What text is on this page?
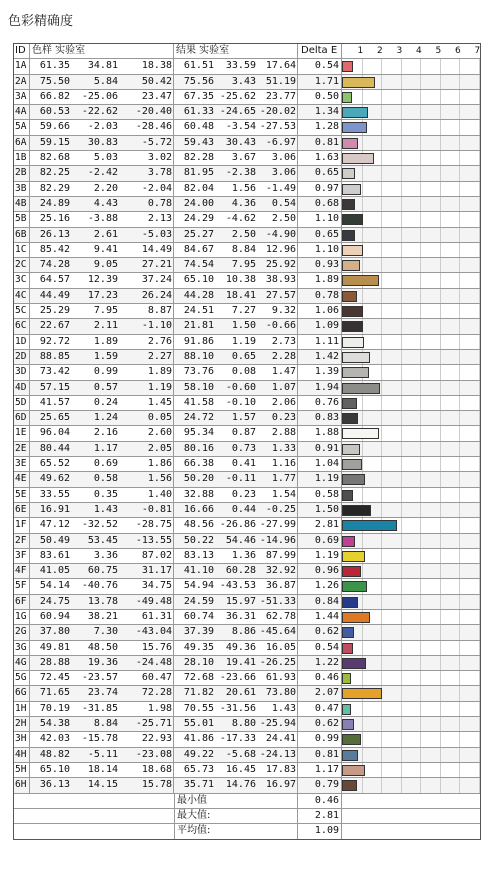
色彩精确度
ID 色样 实验室	结果 实验室	Delta E	1 2 3 4 5 6 7
1A	61.35	34.81	18.38	61.51	33.59 17.64	0.54
2A	75.50	5.84	50.42	75.56	3.43 51.19	1.71
3A	66.82	-25.06	23.47	67.35 -25.62 23.77	0.50
4A	60.53	-22.62	-20.40	61.33 -24.65 -20.02	1.34
5A	59.66	-2.03	-28.46	60.48	-3.54 -27.53	1.28
6A	59.15	30.83	-5.72	59.43	30.43 -6.97	0.81
1B	82.68	5.03	3.02	82.28	3.67	3.06	1.63
2B	82.25	-2.42	3.78	81.95	-2.38	3.06	0.65
3B	82.29	2.20	-2.04	82.04	1.56 -1.49	0.97
4B	24.89	4.43	0.78	24.00	4.36	0.54	0.68
5B	25.16	-3.88	2.13	24.29	-4.62	2.50	1.10
6B	26.13	2.61	-5.03	25.27	2.50 -4.90	0.65
1C	85.42	9.41	14.49	84.67	8.84 12.96	1.10
2C	74.28	9.05	27.21	74.54	7.95 25.92	0.93
3C	64.57	12.39	37.24	65.10	10.38 38.93	1.89
4C	44.49	17.23	26.24	44.28	18.41 27.57	0.78
5C	25.29	7.95	8.87	24.51	7.27	9.32	1.06
6C	22.67	2.11	-1.10	21.81	1.50 -0.66	1.09
1D	92.72	1.89	2.76	91.86	1.19	2.73	1.11
2D	88.85	1.59	2.27	88.10	0.65	2.28	1.42
3D	73.42	0.99	1.89	73.76	0.08	1.47	1.39
4D	57.15	0.57	1.19	58.10	-0.60	1.07	1.94
5D	41.57	0.24	1.45	41.58	-0.10	2.06	0.76
6D	25.65	1.24	0.05	24.72	1.57	0.23	0.83
1E	96.04	2.16	2.60	95.34	0.87	2.88	1.88
2E	80.44	1.17	2.05	80.16	0.73	1.33	0.91
3E	65.52	0.69	1.86	66.38	0.41	1.16	1.04
4E	49.62	0.58	1.56	50.20	-0.11	1.77	1.19
5E	33.55	0.35	1.40	32.88	0.23	1.54	0.58
6E	16.91	1.43	-0.81	16.66	0.44 -0.25	1.50
1F	47.12	-32.52	-28.75	48.56 -26.86 -27.99	2.81
2F	50.49	53.45	-13.55	50.22	54.46 -14.96	0.69
3F	83.61	3.36	87.02	83.13	1.36 87.99	1.19
4F	41.05	60.75	31.17	41.10	60.28 32.92	0.96
5F	54.14	-40.76	34.75	54.94 -43.53 36.87	1.26
6F	24.75	13.78	-49.48	24.59	15.97 -51.33	0.84
1G	60.94	38.21	61.31	60.74	36.31 62.78	1.44
2G	37.80	7.30	-43.04	37.39	8.86 -45.64	0.62
3G	49.81	48.50	15.76	49.35	49.36 16.05	0.54
4G	28.88	19.36	-24.48	28.10	19.41 -26.25	1.22
5G	72.45	-23.57	60.47	72.68 -23.66 61.93	0.46
6G	71.65	23.74	72.28	71.82	20.61 73.80	2.07
1H	70.19	-31.85	1.98	70.55 -31.56	1.43	0.47
2H	54.38	8.84	-25.71	55.01	8.80 -25.94	0.62
3H	42.03	-15.78	22.93	41.86 -17.33 24.41	0.99
4H	48.82	-5.11	-23.08	49.22	-5.68 -24.13	0.81
5H	65.10	18.14	18.68	65.73	16.45 17.83	1.17
6H	36.13	14.15	15.78	35.71	14.76 16.97	0.79
最小值	0.46
最大值:	2.81
平均值:	1.09
